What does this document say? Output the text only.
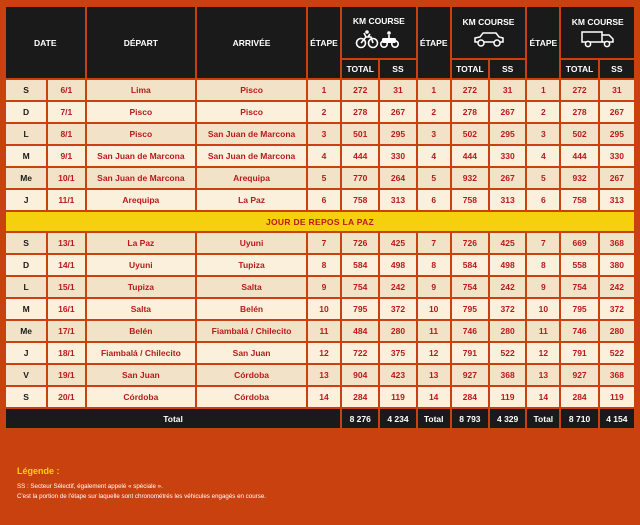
DATE		DÉPART	ARRIVÉE	ÉTAPE	KM COURSE		ÉTAPE	KM COURSE		ÉTAPE	KM COURSE	

					TOTAL	SS		TOTAL	SS		TOTAL	SS
S	6/1	Lima	Pisco	1	272	31	1	272	31	1	272	31
D	7/1	Pisco	Pisco	2	278	267	2	278	267	2	278	267
L	8/1	Pisco	San Juan de Marcona	3	501	295	3	502	295	3	502	295
M	9/1	San Juan de Marcona	San Juan de Marcona	4	444	330	4	444	330	4	444	330
Me	10/1	San Juan de Marcona	Arequipa	5	770	264	5	932	267	5	932	267
J	11/1	Arequipa	La Paz	6	758	313	6	758	313	6	758	313
JOUR DE REPOS LA PAZ												
S	13/1	La Paz	Uyuni	7	726	425	7	726	425	7	669	368
D	14/1	Uyuni	Tupiza	8	584	498	8	584	498	8	558	380
L	15/1	Tupiza	Salta	9	754	242	9	754	242	9	754	242
M	16/1	Salta	Belén	10	795	372	10	795	372	10	795	372
Me	17/1	Belén	Fiambalá / Chilecito	11	484	280	11	746	280	11	746	280
J	18/1	Fiambalá / Chilecito	San Juan	12	722	375	12	791	522	12	791	522
V	19/1	San Juan	Córdoba	13	904	423	13	927	368	13	927	368
S	20/1	Córdoba	Córdoba	14	284	119	14	284	119	14	284	119
Total					8 276	4 234	Total	8 793	4 329	Total	8 710	4 154
Légende :
SS : Secteur Sélectif, également appelé « spéciale ».
C'est la portion de l'étape sur laquelle sont chronométrés les véhicules engagés en course.
